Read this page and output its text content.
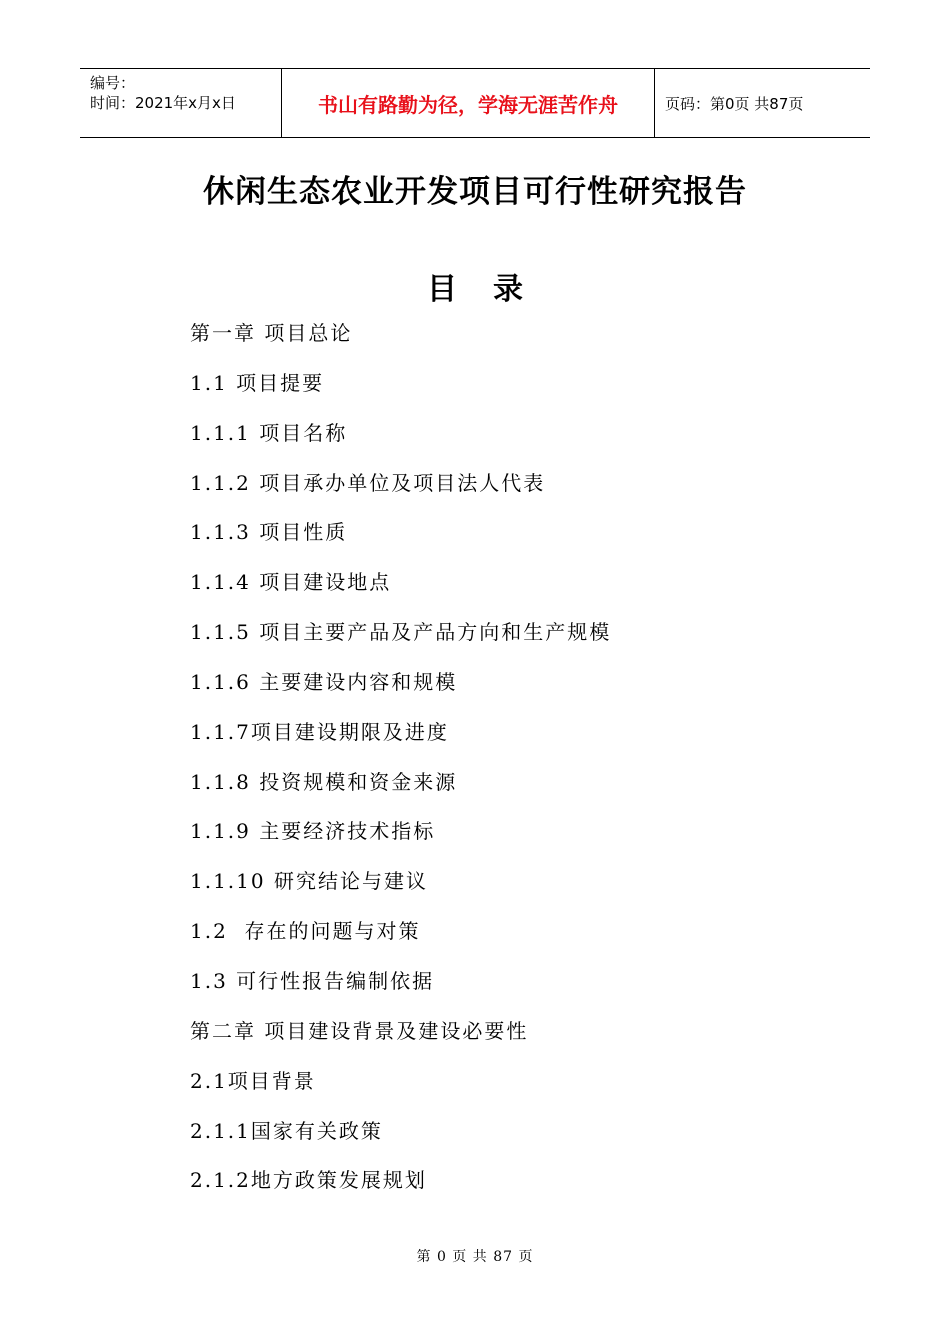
编号：
时间：2021年x月x日	书山有路勤为径，学海无涯苦作舟	页码：第0页 共87页
休闲生态农业开发项目可行性研究报告
目 录
第一章 项目总论
1.1 项目提要
1.1.1 项目名称
1.1.2 项目承办单位及项目法人代表
1.1.3 项目性质
1.1.4 项目建设地点
1.1.5 项目主要产品及产品方向和生产规模
1.1.6 主要建设内容和规模
1.1.7项目建设期限及进度
1.1.8 投资规模和资金来源
1.1.9 主要经济技术指标
1.1.10 研究结论与建议
1.2  存在的问题与对策
1.3 可行性报告编制依据
第二章 项目建设背景及建设必要性
2.1项目背景
2.1.1国家有关政策
2.1.2地方政策发展规划
第 0 页 共 87 页
